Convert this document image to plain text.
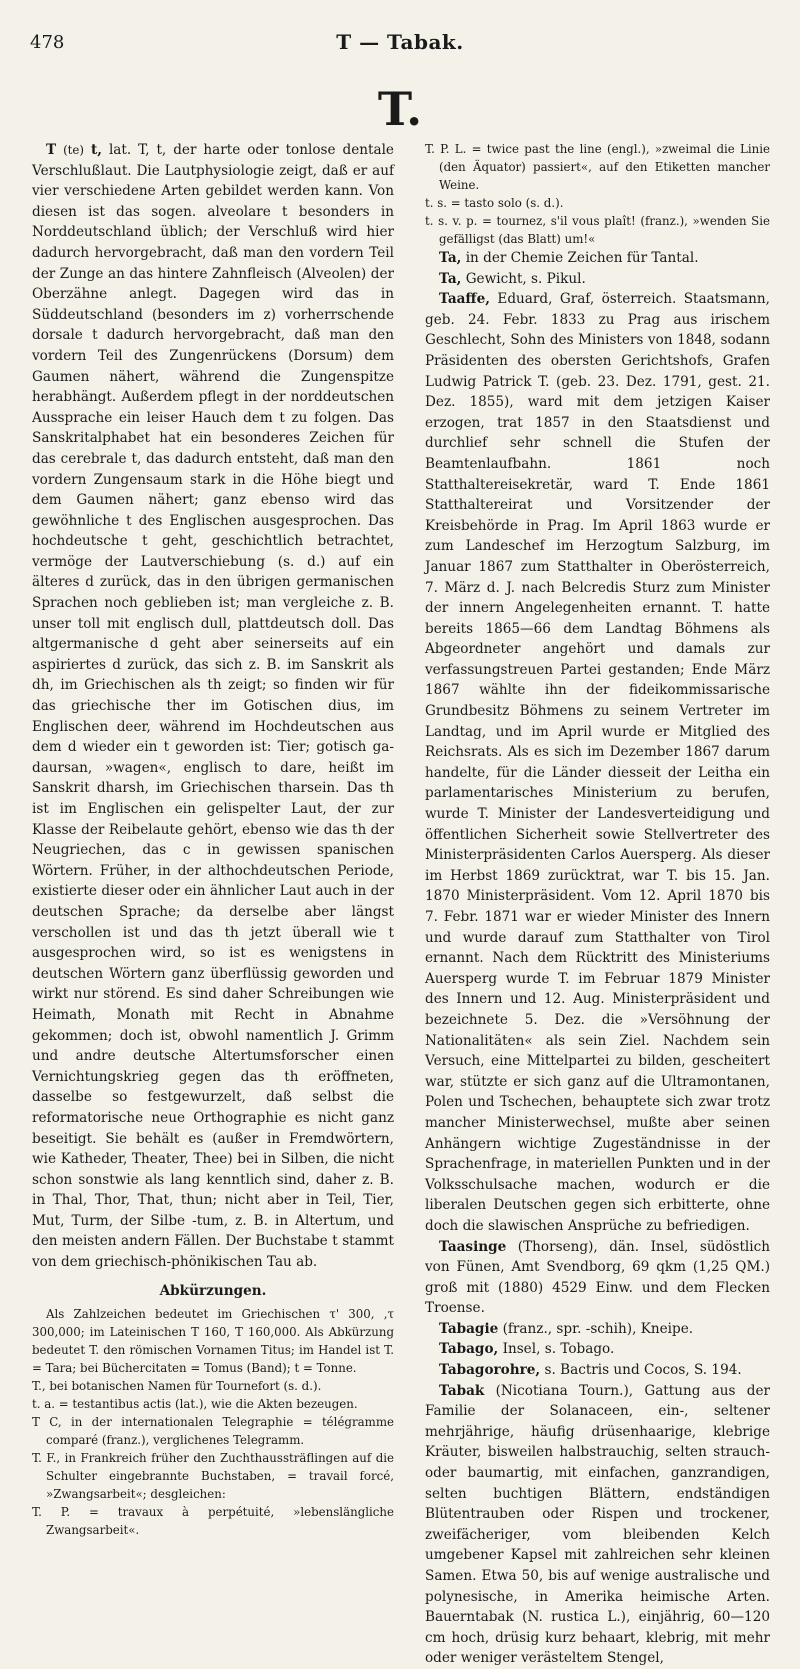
478	T — Tabak.
T.

T (te) t, lat. T, t, der harte oder tonlose dentale Verschlußlaut. Die Lautphysiologie zeigt, daß er auf vier verschiedene Arten gebildet werden kann. Von diesen ist das sogen. alveolare t besonders in Norddeutschland üblich; der Verschluß wird hier dadurch hervorgebracht, daß man den vordern Teil der Zunge an das hintere Zahnfleisch (Alveolen) der Oberzähne anlegt. Dagegen wird das in Süddeutschland (besonders im z) vorherrschende dorsale t dadurch hervorgebracht, daß man den vordern Teil des Zungenrückens (Dorsum) dem Gaumen nähert, während die Zungenspitze herabhängt. Außerdem pflegt in der norddeutschen Aussprache ein leiser Hauch dem t zu folgen. Das Sanskritalphabet hat ein besonderes Zeichen für das cerebrale t, das dadurch entsteht, daß man den vordern Zungensaum stark in die Höhe biegt und dem Gaumen nähert; ganz ebenso wird das gewöhnliche t des Englischen ausgesprochen. Das hochdeutsche t geht, geschichtlich betrachtet, vermöge der Lautverschiebung (s. d.) auf ein älteres d zurück, das in den übrigen germanischen Sprachen noch geblieben ist; man vergleiche z. B. unser toll mit englisch dull, plattdeutsch doll. Das altgermanische d geht aber seinerseits auf ein aspiriertes d zurück, das sich z. B. im Sanskrit als dh, im Griechischen als th zeigt; so finden wir für das griechische ther im Gotischen dius, im Englischen deer, während im Hochdeutschen aus dem d wieder ein t geworden ist: Tier; gotisch ga-daursan, »wagen«, englisch to dare, heißt im Sanskrit dharsh, im Griechischen tharsein. Das th ist im Englischen ein gelispelter Laut, der zur Klasse der Reibelaute gehört, ebenso wie das th der Neugriechen, das c in gewissen spanischen Wörtern. Früher, in der althochdeutschen Periode, existierte dieser oder ein ähnlicher Laut auch in der deutschen Sprache; da derselbe aber längst verschollen ist und das th jetzt überall wie t ausgesprochen wird, so ist es wenigstens in deutschen Wörtern ganz überflüssig geworden und wirkt nur störend. Es sind daher Schreibungen wie Heimath, Monath mit Recht in Abnahme gekommen; doch ist, obwohl namentlich J. Grimm und andre deutsche Altertumsforscher einen Vernichtungskrieg gegen das th eröffneten, dasselbe so festgewurzelt, daß selbst die reformatorische neue Orthographie es nicht ganz beseitigt. Sie behält es (außer in Fremdwörtern, wie Katheder, Theater, Thee) bei in Silben, die nicht schon sonstwie als lang kenntlich sind, daher z. B. in Thal, Thor, That, thun; nicht aber in Teil, Tier, Mut, Turm, der Silbe -tum, z. B. in Altertum, und den meisten andern Fällen. Der Buchstabe t stammt von dem griechisch-phönikischen Tau ab.

Abkürzungen.

Als Zahlzeichen bedeutet im Griechischen τ' 300, ,τ 300,000; im Lateinischen T 160, T 160,000. Als Abkürzung bedeutet T. den römischen Vornamen Titus; im Handel ist T. = Tara; bei Büchercitaten = Tomus (Band); t = Tonne.

T., bei botanischen Namen für Tournefort (s. d.).

t. a. = testantibus actis (lat.), wie die Akten bezeugen.

T C, in der internationalen Telegraphie = télégramme comparé (franz.), verglichenes Telegramm.

T. F., in Frankreich früher den Zuchthaussträflingen auf die Schulter eingebrannte Buchstaben, = travail forcé, »Zwangsarbeit«; desgleichen:

T. P. = travaux à perpétuité, »lebenslängliche Zwangsarbeit«.

T. P. L. = twice past the line (engl.), »zweimal die Linie (den Äquator) passiert«, auf den Etiketten mancher Weine.

t. s. = tasto solo (s. d.).

t. s. v. p. = tournez, s'il vous plaît! (franz.), »wenden Sie gefälligst (das Blatt) um!«

Ta, in der Chemie Zeichen für Tantal.

Ta, Gewicht, s. Pikul.

Taaffe, Eduard, Graf, österreich. Staatsmann, geb. 24. Febr. 1833 zu Prag aus irischem Geschlecht, Sohn des Ministers von 1848, sodann Präsidenten des obersten Gerichtshofs, Grafen Ludwig Patrick T. (geb. 23. Dez. 1791, gest. 21. Dez. 1855), ward mit dem jetzigen Kaiser erzogen, trat 1857 in den Staatsdienst und durchlief sehr schnell die Stufen der Beamtenlaufbahn. 1861 noch Statthaltereisekretär, ward T. Ende 1861 Statthaltereirat und Vorsitzender der Kreisbehörde in Prag. Im April 1863 wurde er zum Landeschef im Herzogtum Salzburg, im Januar 1867 zum Statthalter in Oberösterreich, 7. März d. J. nach Belcredis Sturz zum Minister der innern Angelegenheiten ernannt. T. hatte bereits 1865—66 dem Landtag Böhmens als Abgeordneter angehört und damals zur verfassungstreuen Partei gestanden; Ende März 1867 wählte ihn der fideikommissarische Grundbesitz Böhmens zu seinem Vertreter im Landtag, und im April wurde er Mitglied des Reichsrats. Als es sich im Dezember 1867 darum handelte, für die Länder diesseit der Leitha ein parlamentarisches Ministerium zu berufen, wurde T. Minister der Landesverteidigung und öffentlichen Sicherheit sowie Stellvertreter des Ministerpräsidenten Carlos Auersperg. Als dieser im Herbst 1869 zurücktrat, war T. bis 15. Jan. 1870 Ministerpräsident. Vom 12. April 1870 bis 7. Febr. 1871 war er wieder Minister des Innern und wurde darauf zum Statthalter von Tirol ernannt. Nach dem Rücktritt des Ministeriums Auersperg wurde T. im Februar 1879 Minister des Innern und 12. Aug. Ministerpräsident und bezeichnete 5. Dez. die »Versöhnung der Nationalitäten« als sein Ziel. Nachdem sein Versuch, eine Mittelpartei zu bilden, gescheitert war, stützte er sich ganz auf die Ultramontanen, Polen und Tschechen, behauptete sich zwar trotz mancher Ministerwechsel, mußte aber seinen Anhängern wichtige Zugeständnisse in der Sprachenfrage, in materiellen Punkten und in der Volksschulsache machen, wodurch er die liberalen Deutschen gegen sich erbitterte, ohne doch die slawischen Ansprüche zu befriedigen.

Taasinge (Thorseng), dän. Insel, südöstlich von Fünen, Amt Svendborg, 69 qkm (1,25 QM.) groß mit (1880) 4529 Einw. und dem Flecken Troense.

Tabagie (franz., spr. -schih), Kneipe.

Tabago, Insel, s. Tobago.

Tabagorohre, s. Bactris und Cocos, S. 194.

Tabak (Nicotiana Tourn.), Gattung aus der Familie der Solanaceen, ein-, seltener mehrjährige, häufig drüsenhaarige, klebrige Kräuter, bisweilen halbstrauchig, selten strauch- oder baumartig, mit einfachen, ganzrandigen, selten buchtigen Blättern, endständigen Blütentrauben oder Rispen und trockener, zweifächeriger, vom bleibenden Kelch umgebener Kapsel mit zahlreichen sehr kleinen Samen. Etwa 50, bis auf wenige australische und polynesische, in Amerika heimische Arten. Bauerntabak (N. rustica L.), einjährig, 60—120 cm hoch, drüsig kurz behaart, klebrig, mit mehr oder weniger verästeltem Stengel,
